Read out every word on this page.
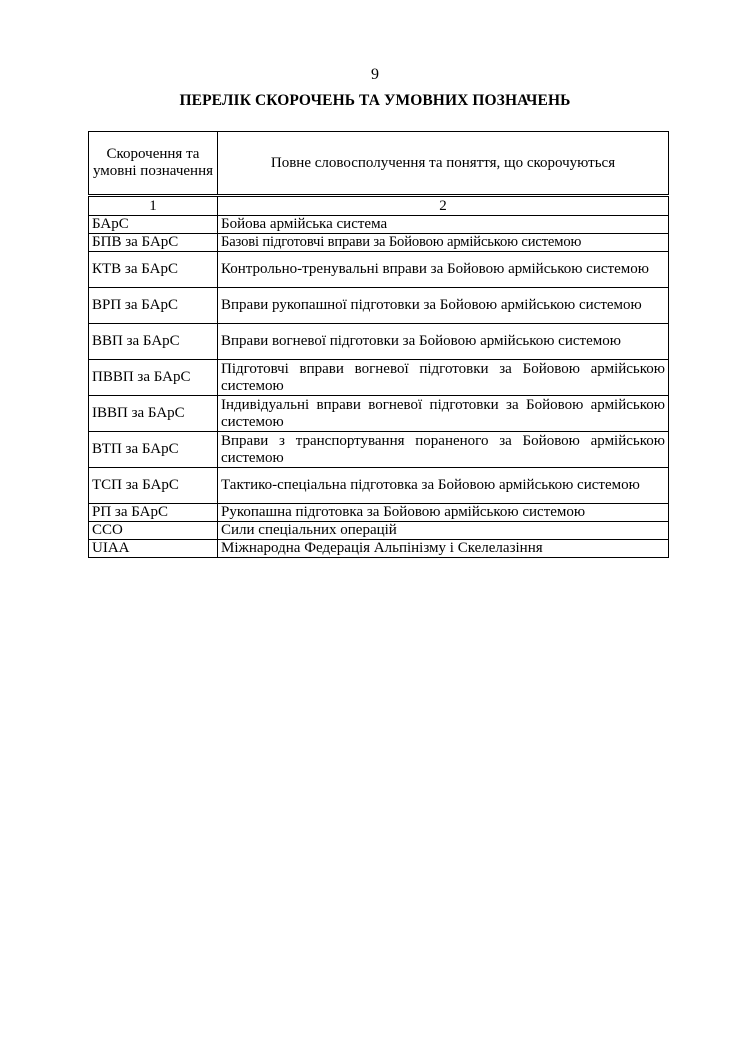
9
ПЕРЕЛІК СКОРОЧЕНЬ ТА УМОВНИХ ПОЗНАЧЕНЬ
Скорочення та умовні позначення	Повне словосполучення та поняття, що скорочуються
1	2
БАрС	Бойова армійська система
БПВ за БАрС	Базові підготовчі вправи за Бойовою армійською системою
КТВ за БАрС	Контрольно-тренувальні вправи за Бойовою армійською системою
ВРП за БАрС	Вправи рукопашної підготовки за Бойовою армійською системою
ВВП за БАрС	Вправи вогневої підготовки за Бойовою армійською системою
ПВВП за БАрС	Підготовчі вправи вогневої підготовки за Бойовою армійською системою
ІВВП за БАрС	Індивідуальні вправи вогневої підготовки за Бойовою армійською системою
ВТП за БАрС	Вправи з транспортування пораненого за Бойовою армійською системою
ТСП за БАрС	Тактико-спеціальна підготовка за Бойовою армійською системою
РП за БАрС	Рукопашна підготовка за Бойовою армійською системою
ССО	Сили спеціальних операцій
UIAA	Міжнародна Федерація Альпінізму і Скелелазіння
